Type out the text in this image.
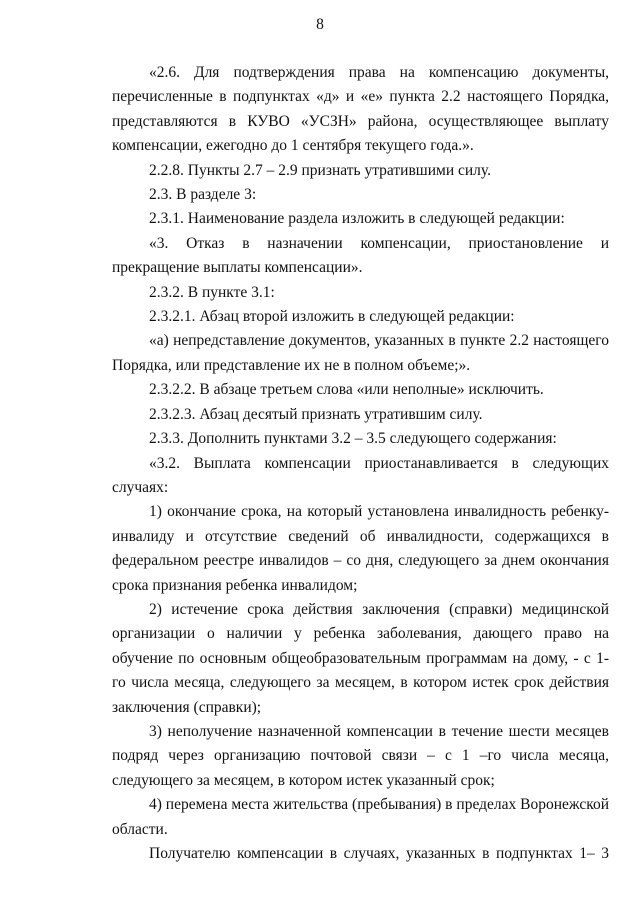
8

«2.6. Для подтверждения права на компенсацию документы, перечисленные в подпунктах «д» и «е» пункта 2.2 настоящего Порядка, представляются в КУВО «УСЗН» района, осуществляющее выплату компенсации, ежегодно до 1 сентября текущего года.».

2.2.8. Пункты 2.7 – 2.9 признать утратившими силу.

2.3. В разделе 3:

2.3.1. Наименование раздела изложить в следующей редакции:

«3. Отказ в назначении компенсации, приостановление и прекращение выплаты компенсации».

2.3.2. В пункте 3.1:

2.3.2.1. Абзац второй изложить в следующей редакции:

«а) непредставление документов, указанных в пункте 2.2 настоящего Порядка, или представление их не в полном объеме;».

2.3.2.2. В абзаце третьем слова «или неполные» исключить.

2.3.2.3. Абзац десятый признать утратившим силу.

2.3.3. Дополнить пунктами 3.2 – 3.5 следующего содержания:

«3.2. Выплата компенсации приостанавливается в следующих случаях:

1) окончание срока, на который установлена инвалидность ребенку-инвалиду и отсутствие сведений об инвалидности, содержащихся в федеральном реестре инвалидов – со дня, следующего за днем окончания срока признания ребенка инвалидом;

2) истечение срока действия заключения (справки) медицинской организации о наличии у ребенка заболевания, дающего право на обучение по основным общеобразовательным программам на дому, - с 1-го числа месяца, следующего за месяцем, в котором истек срок действия заключения (справки);

3) неполучение назначенной компенсации в течение шести месяцев подряд через организацию почтовой связи – с 1 –го числа месяца, следующего за месяцем, в котором истек указанный срок;

4) перемена места жительства (пребывания) в пределах Воронежской области.

Получателю компенсации в случаях, указанных в подпунктах 1– 3
